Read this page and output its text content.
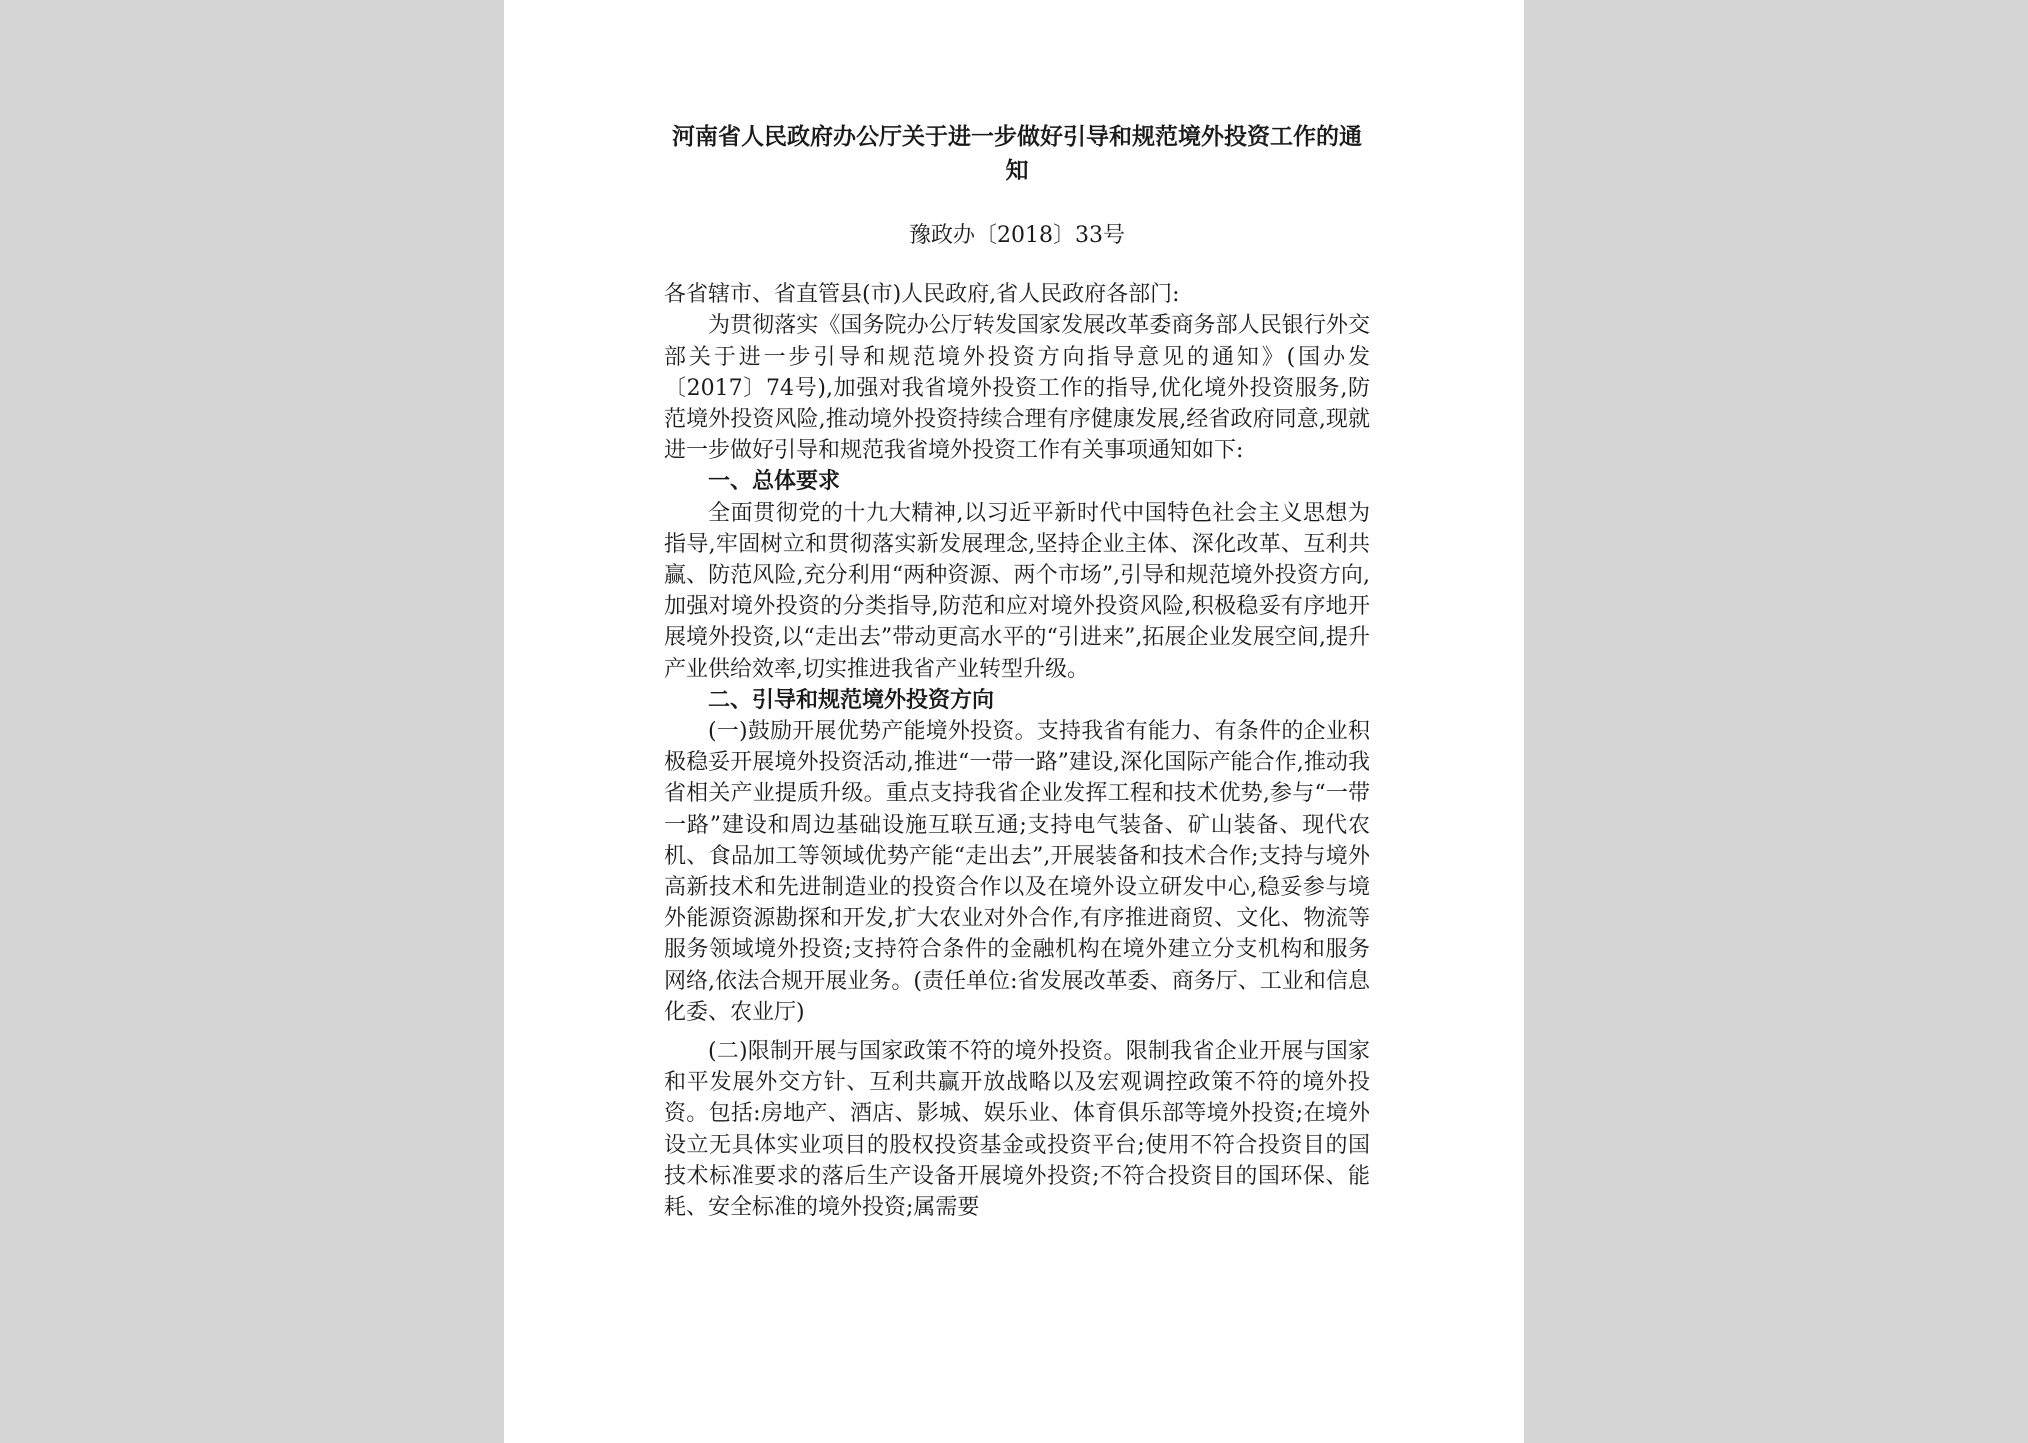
河南省人民政府办公厅关于进一步做好引导和规范境外投资工作的通知

豫政办〔2018〕33号

各省辖市、省直管县(市)人民政府,省人民政府各部门:

为贯彻落实《国务院办公厅转发国家发展改革委商务部人民银行外交部关于进一步引导和规范境外投资方向指导意见的通知》(国办发〔2017〕74号),加强对我省境外投资工作的指导,优化境外投资服务,防范境外投资风险,推动境外投资持续合理有序健康发展,经省政府同意,现就进一步做好引导和规范我省境外投资工作有关事项通知如下:

一、总体要求

全面贯彻党的十九大精神,以习近平新时代中国特色社会主义思想为指导,牢固树立和贯彻落实新发展理念,坚持企业主体、深化改革、互利共赢、防范风险,充分利用“两种资源、两个市场”,引导和规范境外投资方向,加强对境外投资的分类指导,防范和应对境外投资风险,积极稳妥有序地开展境外投资,以“走出去”带动更高水平的“引进来”,拓展企业发展空间,提升产业供给效率,切实推进我省产业转型升级。

二、引导和规范境外投资方向

(一)鼓励开展优势产能境外投资。支持我省有能力、有条件的企业积极稳妥开展境外投资活动,推进“一带一路”建设,深化国际产能合作,推动我省相关产业提质升级。重点支持我省企业发挥工程和技术优势,参与“一带一路”建设和周边基础设施互联互通;支持电气装备、矿山装备、现代农机、食品加工等领域优势产能“走出去”,开展装备和技术合作;支持与境外高新技术和先进制造业的投资合作以及在境外设立研发中心,稳妥参与境外能源资源勘探和开发,扩大农业对外合作,有序推进商贸、文化、物流等服务领域境外投资;支持符合条件的金融机构在境外建立分支机构和服务网络,依法合规开展业务。(责任单位:省发展改革委、商务厅、工业和信息化委、农业厅)

(二)限制开展与国家政策不符的境外投资。限制我省企业开展与国家和平发展外交方针、互利共赢开放战略以及宏观调控政策不符的境外投资。包括:房地产、酒店、影城、娱乐业、体育俱乐部等境外投资;在境外设立无具体实业项目的股权投资基金或投资平台;使用不符合投资目的国技术标准要求的落后生产设备开展境外投资;不符合投资目的国环保、能耗、安全标准的境外投资;属需要
